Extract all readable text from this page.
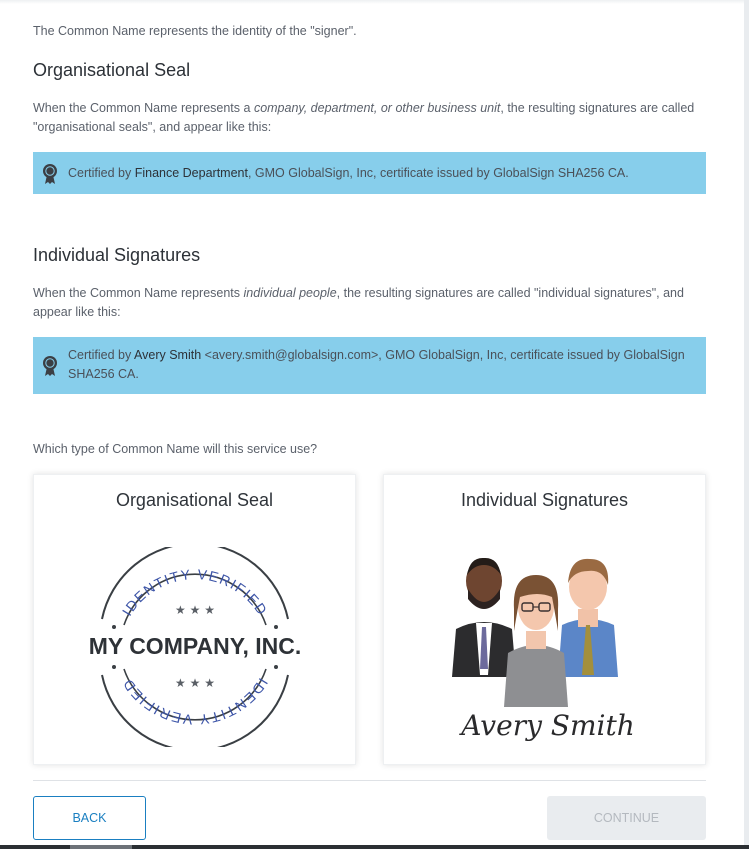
The Common Name represents the identity of the "signer".
Organisational Seal
When the Common Name represents a company, department, or other business unit, the resulting signatures are called "organisational seals", and appear like this:
Certified by Finance Department, GMO GlobalSign, Inc, certificate issued by GlobalSign SHA256 CA.
Individual Signatures
When the Common Name represents individual people, the resulting signatures are called "individual signatures", and appear like this:
Certified by Avery Smith <avery.smith@globalsign.com>, GMO GlobalSign, Inc, certificate issued by GlobalSign SHA256 CA.
Which type of Common Name will this service use?
Organisational Seal
IDENTITY VERIFIED
IDENTITY VERIFIED
★ ★ ★
MY COMPANY, INC.
★ ★ ★
Individual Signatures
Avery Smith
BACK	CONTINUE
